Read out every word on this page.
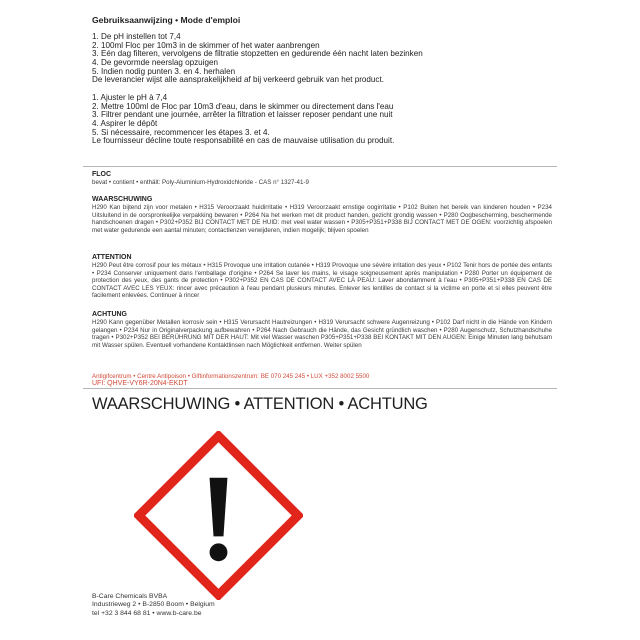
Gebruiksaanwijzing • Mode d'emploi
1. De pH instellen tot 7,4
2. 100ml Floc per 10m3 in de skimmer of het water aanbrengen
3. Eén dag filteren, vervolgens de filtratie stopzetten en gedurende één nacht laten bezinken
4. De gevormde neerslag opzuigen
5. Indien nodig punten 3. en 4. herhalen
De leverancier wijst alle aansprakelijkheid af bij verkeerd gebruik van het product.
1. Ajuster le pH à 7,4
2. Mettre 100ml de Floc par 10m3 d'eau, dans le skimmer ou directement dans l'eau
3. Filtrer pendant une journée, arrêter la filtration et laisser reposer pendant une nuit
4. Aspirer le dépôt
5. Si nécessaire, recommencer les étapes 3. et 4.
Le fournisseur décline toute responsabilité en cas de mauvaise utilisation du produit.
FLOC
bevat • contient • enthält: Poly-Aluminium-Hydroxidchloride - CAS n° 1327-41-9
WAARSCHUWING
H290 Kan bijtend zijn voor metalen • H315 Veroorzaakt huidirritatie • H319 Veroorzaakt ernstige oogirritatie • P102 Buiten het bereik van kinderen houden • P234 Uitsluitend in de oorspronkelijke verpakking bewaren • P264 Na het werken met dit product handen, gezicht grondig wassen • P280 Oogbescherming, beschermende handschoenen dragen • P302+P352 BIJ CONTACT MET DE HUID: met veel water wassen • P305+P351+P338 BIJ CONTACT MET DE OGEN: voorzichtig afspoelen met water gedurende een aantal minuten; contactlenzen verwijderen, indien mogelijk; blijven spoelen
ATTENTION
H290 Peut être corrosif pour les métaux • H315 Provoque une irritation cutanée • H319 Provoque une sévère irritation des yeux • P102 Tenir hors de portée des enfants • P234 Conserver uniquement dans l'emballage d'origine • P264 Se laver les mains, le visage soigneusement après manipulation • P280 Porter un équipement de protection des yeux, des gants de protection • P302+P352 EN CAS DE CONTACT AVEC LA PEAU: Laver abondamment à l'eau • P305+P351+P338 EN CAS DE CONTACT AVEC LES YEUX: rincer avec précaution à l'eau pendant plusieurs minutes. Enlever les lentilles de contact si la victime en porte et si elles peuvent être facilement enlevées. Continuer à rincer
ACHTUNG
H290 Kann gegenüber Metallen korrosiv sein • H315 Verursacht Hautreizungen • H319 Verursacht schwere Augenreizung • P102 Darf nicht in die Hände von Kindern gelangen • P234 Nur in Originalverpackung aufbewahren • P264 Nach Gebrauch die Hände, das Gesicht gründlich waschen • P280 Augenschutz, Schutzhandschuhe tragen • P302+P352 BEI BERÜHRUNG MIT DER HAUT: Mit viel Wasser waschen P305+P351+P338 BEI KONTAKT MIT DEN AUGEN: Einige Minuten lang behutsam mit Wasser spülen. Eventuell vorhandene Kontaktlinsen nach Möglichkeit entfernen. Weiter spülen
Antigifcentrum • Centre Antipoison • Giftinformationszentrum: BE 070 245 245 • LUX +352 8002 5500
UFI: QHVE-VY6R-20N4-EKDT
WAARSCHUWING • ATTENTION • ACHTUNG
B-Care Chemicals BVBA
Industrieweg 2 • B-2850 Boom • Belgium
tel +32 3 844 68 81 • www.b-care.be
